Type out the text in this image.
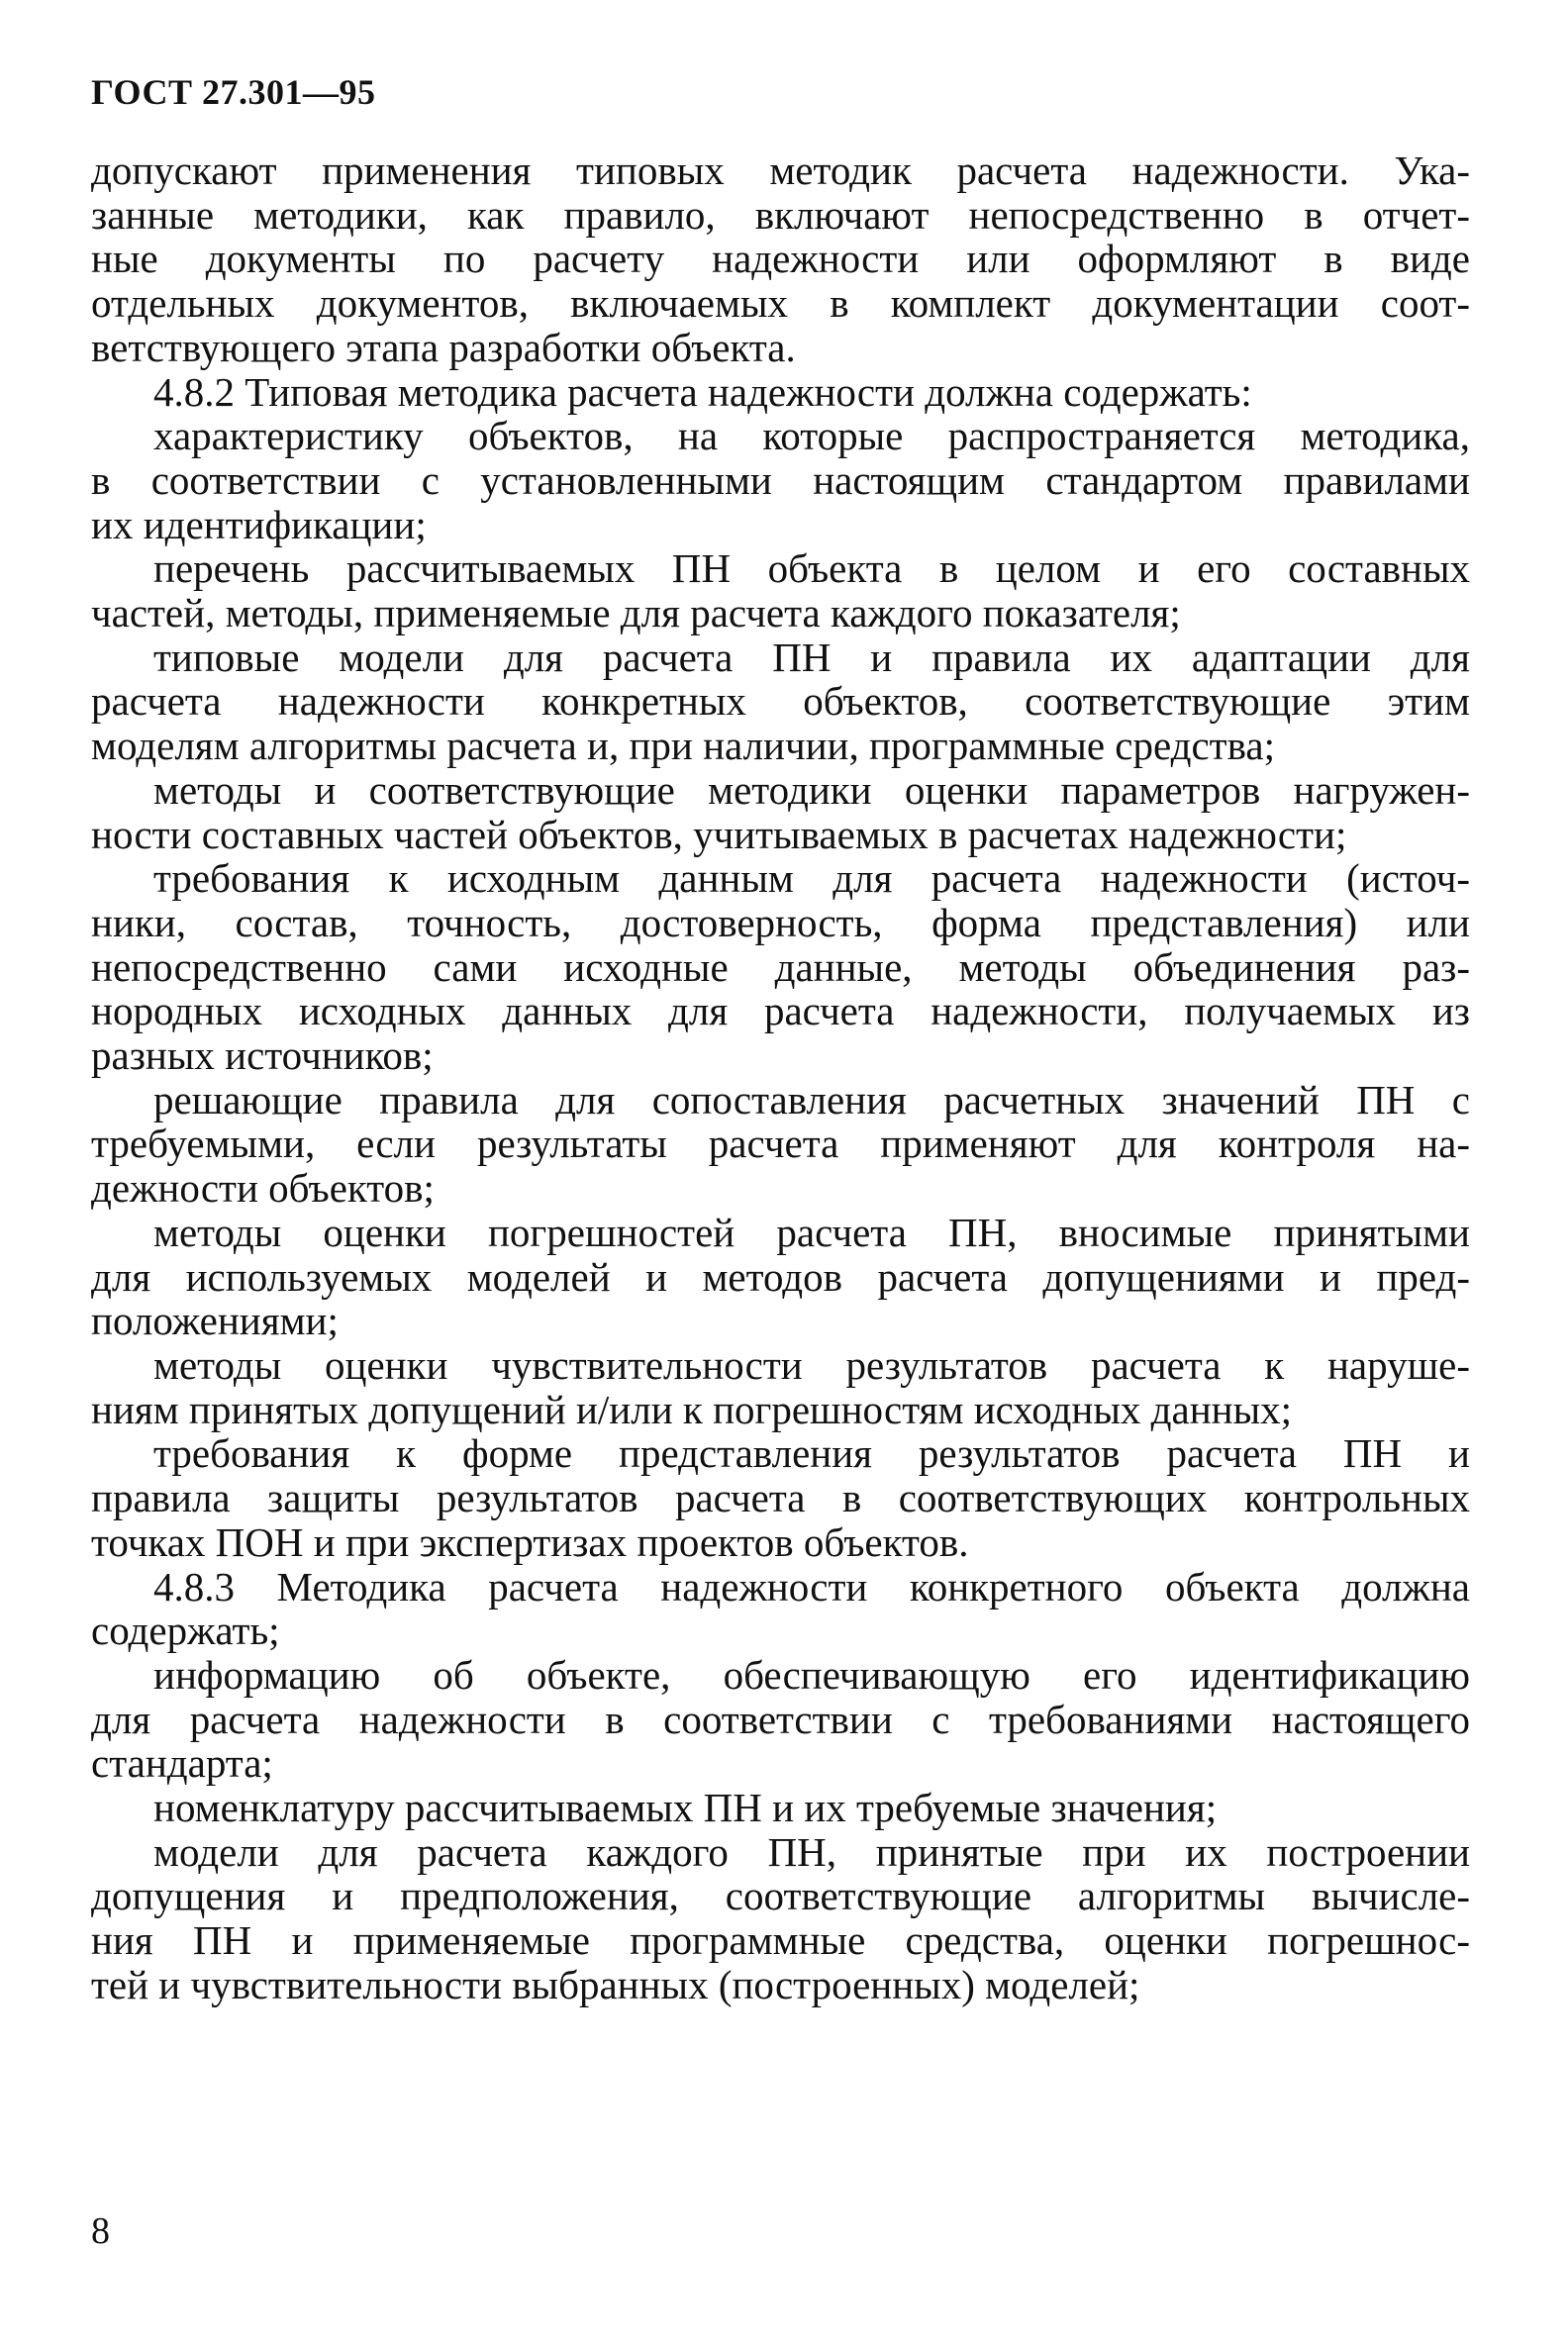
ГОСТ 27.301—95
допускают применения типовых методик расчета надежности. Ука-
занные методики, как правило, включают непосредственно в отчет-
ные документы по расчету надежности или оформляют в виде
отдельных документов, включаемых в комплект документации соот-
ветствующего этапа разработки объекта.
4.8.2 Типовая методика расчета надежности должна содержать:
характеристику объектов, на которые распространяется методика,
в соответствии с установленными настоящим стандартом правилами
их идентификации;
перечень рассчитываемых ПН объекта в целом и его составных
частей, методы, применяемые для расчета каждого показателя;
типовые модели для расчета ПН и правила их адаптации для
расчета надежности конкретных объектов, соответствующие этим
моделям алгоритмы расчета и, при наличии, программные средства;
методы и соответствующие методики оценки параметров нагружен-
ности составных частей объектов, учитываемых в расчетах надежности;
требования к исходным данным для расчета надежности (источ-
ники, состав, точность, достоверность, форма представления) или
непосредственно сами исходные данные, методы объединения раз-
нородных исходных данных для расчета надежности, получаемых из
разных источников;
решающие правила для сопоставления расчетных значений ПН с
требуемыми, если результаты расчета применяют для контроля на-
дежности объектов;
методы оценки погрешностей расчета ПН, вносимые принятыми
для используемых моделей и методов расчета допущениями и пред-
положениями;
методы оценки чувствительности результатов расчета к наруше-
ниям принятых допущений и/или к погрешностям исходных данных;
требования к форме представления результатов расчета ПН и
правила защиты результатов расчета в соответствующих контрольных
точках ПОН и при экспертизах проектов объектов.
4.8.3 Методика расчета надежности конкретного объекта должна
содержать;
информацию об объекте, обеспечивающую его идентификацию
для расчета надежности в соответствии с требованиями настоящего
стандарта;
номенклатуру рассчитываемых ПН и их требуемые значения;
модели для расчета каждого ПН, принятые при их построении
допущения и предположения, соответствующие алгоритмы вычисле-
ния ПН и применяемые программные средства, оценки погрешнос-
тей и чувствительности выбранных (построенных) моделей;
8
